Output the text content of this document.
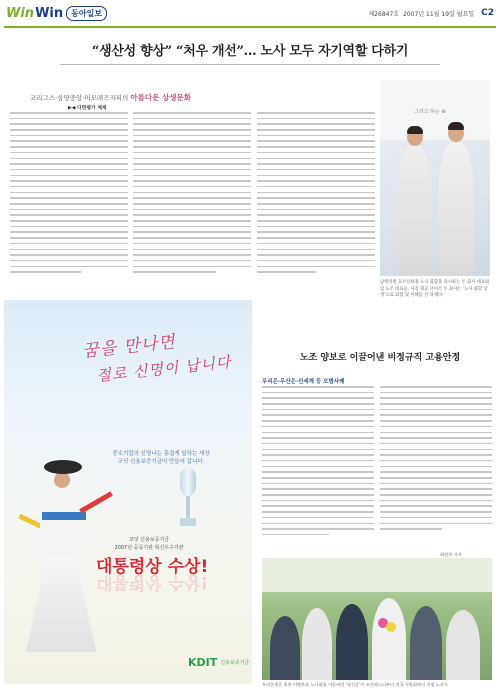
Win Win	동아일보	제26847호 2007년 11월 19일 월요일 C2
“생산성 향상” “처우 개선”… 노사 모두 자기역할 다하기
코리그스·삼양중앙·미모래즈자피의 아름다운 상생문화
▶◀ 다면평가 체제
그리고 하는 ⊕
남영의원 모브산하종 노사 화합을 과시하는 두 회사 대표와 임 노조 대표들. 사진 제공 브이코 두 회사는 ‘노사 화합 상생’으로 화합 및 이해를 상 과제다.
꿈을 만나면
절로 신명이 납니다
중소기업의 신명나는 흥겹게 일하는 세상
코딧 신용보증기금이 만들어 갑니다.
코딧 신용보증기금
2007년 공공기관 혁신우수기관
대통령상 수상!
대통령상 수상!
KDIT 신용보증기금
노조 양보로 이끌어낸 비정규직 고용안정
우리은·우산은·신세계 등 모범사례
최원희 기자
우리은행은 위한 이벤트를 노사화합 이끌어낸 ‘형신군’이 조선레스더부터 전국 지원회에서 선정 노사가
